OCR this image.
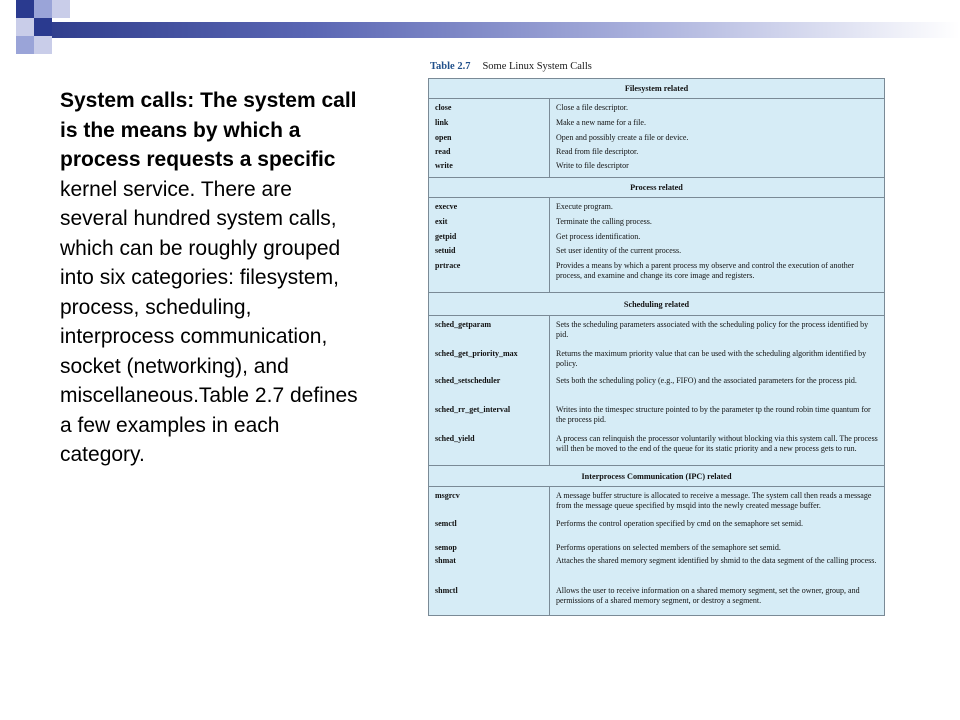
System calls: The system call is the means by which a process requests a specific kernel service. There are several hundred system calls, which can be roughly grouped into six categories: filesystem, process, scheduling, interprocess communication, socket (networking), and miscellaneous.Table 2.7 defines a few examples in each category.
Table 2.7 Some Linux System Calls
Filesystem related
close
link
open
read
write
Close a file descriptor.
Make a new name for a file.
Open and possibly create a file or device.
Read from file descriptor.
Write to file descriptor
Process related
execve
exit
getpid
setuid
prtrace
Execute program.
Terminate the calling process.
Get process identification.
Set user identity of the current process.
Provides a means by which a parent process my observe and control the execution of another process, and examine and change its core image and registers.
Scheduling related
sched_getparam
sched_get_priority_max
sched_setscheduler
sched_rr_get_interval
sched_yield
Sets the scheduling parameters associated with the scheduling policy for the process identified by pid.
Returns the maximum priority value that can be used with the scheduling algorithm identified by policy.
Sets both the scheduling policy (e.g., FIFO) and the associated parameters for the process pid.
Writes into the timespec structure pointed to by the parameter tp the round robin time quantum for the process pid.
A process can relinquish the processor voluntarily without blocking via this system call. The process will then be moved to the end of the queue for its static priority and a new process gets to run.
Interprocess Communication (IPC) related
msgrcv
semctl
semop
shmat
shmctl
A message buffer structure is allocated to receive a message. The system call then reads a message from the message queue specified by msqid into the newly created message buffer.
Performs the control operation specified by cmd on the semaphore set semid.
Performs operations on selected members of the semaphore set semid.
Attaches the shared memory segment identified by shmid to the data segment of the calling process.
Allows the user to receive information on a shared memory segment, set the owner, group, and permissions of a shared memory segment, or destroy a segment.
